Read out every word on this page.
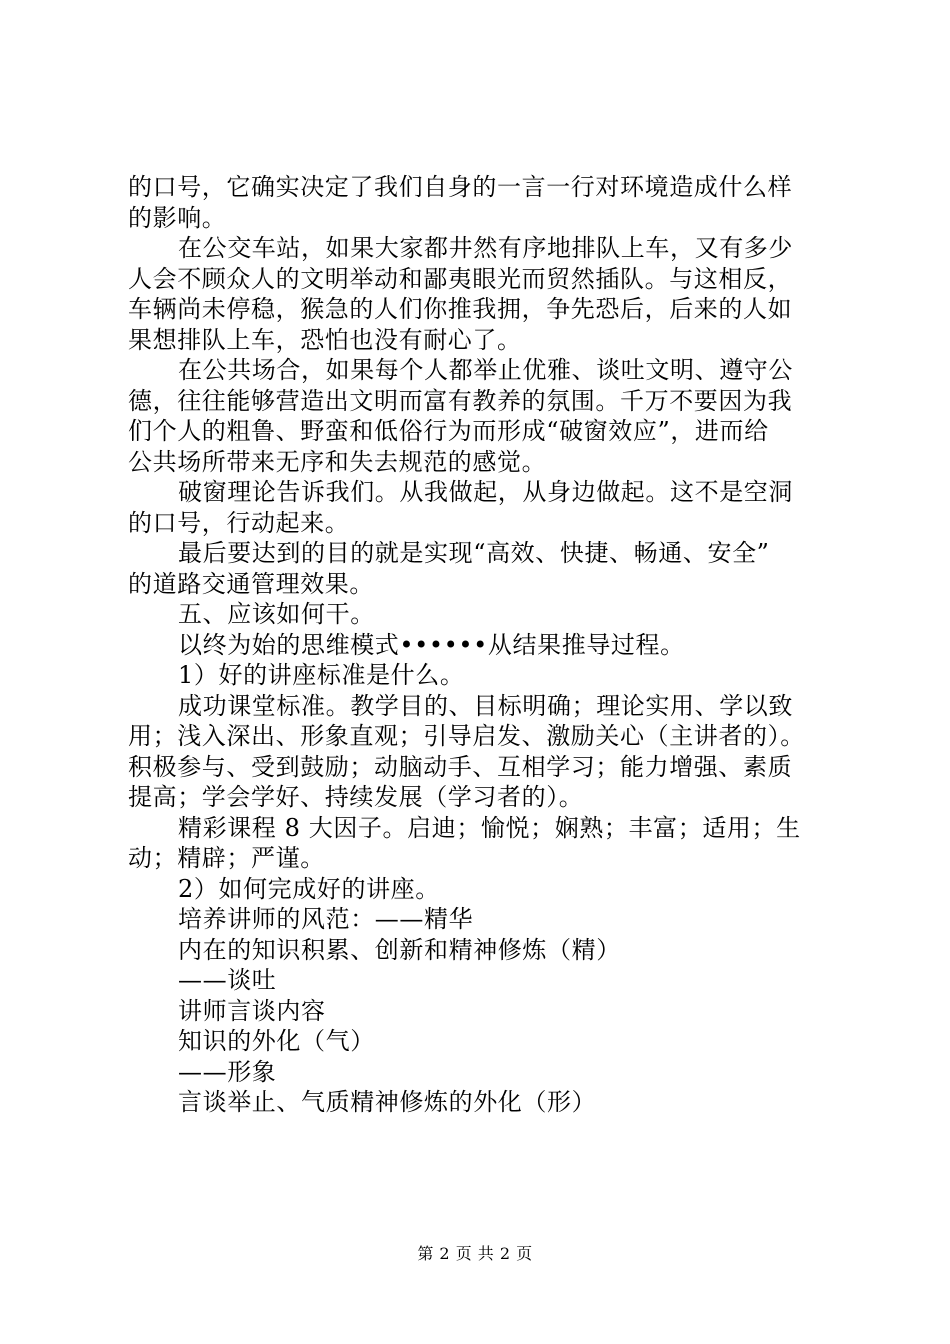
的口号，它确实决定了我们自身的一言一行对环境造成什么样
的影响。
在公交车站，如果大家都井然有序地排队上车，又有多少
人会不顾众人的文明举动和鄙夷眼光而贸然插队。与这相反，
车辆尚未停稳，猴急的人们你推我拥，争先恐后，后来的人如
果想排队上车，恐怕也没有耐心了。
在公共场合，如果每个人都举止优雅、谈吐文明、遵守公
德，往往能够营造出文明而富有教养的氛围。千万不要因为我
们个人的粗鲁、野蛮和低俗行为而形成“破窗效应”，进而给
公共场所带来无序和失去规范的感觉。
破窗理论告诉我们。从我做起，从身边做起。这不是空洞
的口号，行动起来。
最后要达到的目的就是实现“高效、快捷、畅通、安全”
的道路交通管理效果。
五、应该如何干。
以终为始的思维模式••••••从结果推导过程。
1）好的讲座标准是什么。
成功课堂标准。教学目的、目标明确；理论实用、学以致
用；浅入深出、形象直观；引导启发、激励关心（主讲者的）。
积极参与、受到鼓励；动脑动手、互相学习；能力增强、素质
提高；学会学好、持续发展（学习者的）。
精彩课程 8 大因子。启迪；愉悦；娴熟；丰富；适用；生
动；精辟；严谨。
2）如何完成好的讲座。
培养讲师的风范：——精华
内在的知识积累、创新和精神修炼（精）
——谈吐
讲师言谈内容
知识的外化（气）
——形象
言谈举止、气质精神修炼的外化（形）
第 2 页 共 2 页
